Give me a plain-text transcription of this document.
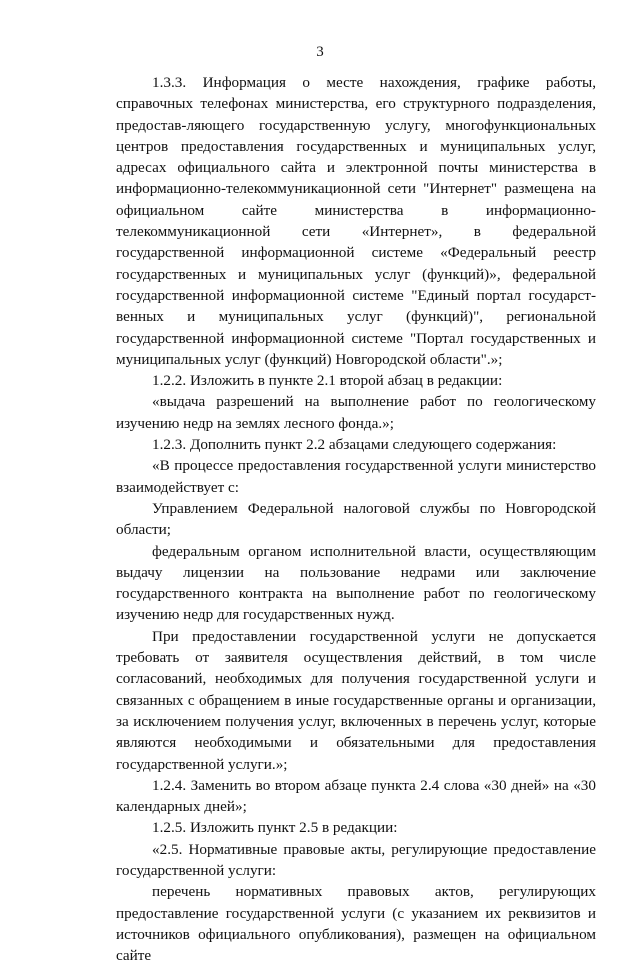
3

1.3.3. Информация о месте нахождения, графике работы, справочных телефонах министерства, его структурного подразделения, предостав-ляющего государственную услугу, многофункциональных центров предоставления государственных и муниципальных услуг, адресах официального сайта и электронной почты министерства в информационно-телекоммуникационной сети "Интернет" размещена на официальном сайте министерства в информационно-телекоммуникационной сети «Интернет», в федеральной государственной информационной системе «Федеральный реестр государственных и муниципальных услуг (функций)», федеральной государственной информационной системе "Единый портал государст-венных и муниципальных услуг (функций)", региональной государственной информационной системе "Портал государственных и муниципальных услуг (функций) Новгородской области".»;

1.2.2. Изложить в пункте 2.1 второй абзац в редакции:

«выдача разрешений на выполнение работ по геологическому изучению недр на землях лесного фонда.»;

1.2.3. Дополнить пункт 2.2 абзацами следующего содержания:

«В процессе предоставления государственной услуги министерство взаимодействует с:

Управлением Федеральной налоговой службы по Новгородской области;

федеральным органом исполнительной власти, осуществляющим выдачу лицензии на пользование недрами или заключение государственного контракта на выполнение работ по геологическому изучению недр для государственных нужд.

При предоставлении государственной услуги не допускается требовать от заявителя осуществления действий, в том числе согласований, необходимых для получения государственной услуги и связанных с обращением в иные государственные органы и организации, за исключением получения услуг, включенных в перечень услуг, которые являются необходимыми и обязательными для предоставления государственной услуги.»;

1.2.4. Заменить во втором абзаце пункта 2.4 слова «30 дней» на «30 календарных дней»;

1.2.5. Изложить пункт 2.5 в редакции:

«2.5. Нормативные правовые акты, регулирующие предоставление государственной услуги:

перечень нормативных правовых актов, регулирующих предоставление государственной услуги (с указанием их реквизитов и источников официального опубликования), размещен на официальном сайте
